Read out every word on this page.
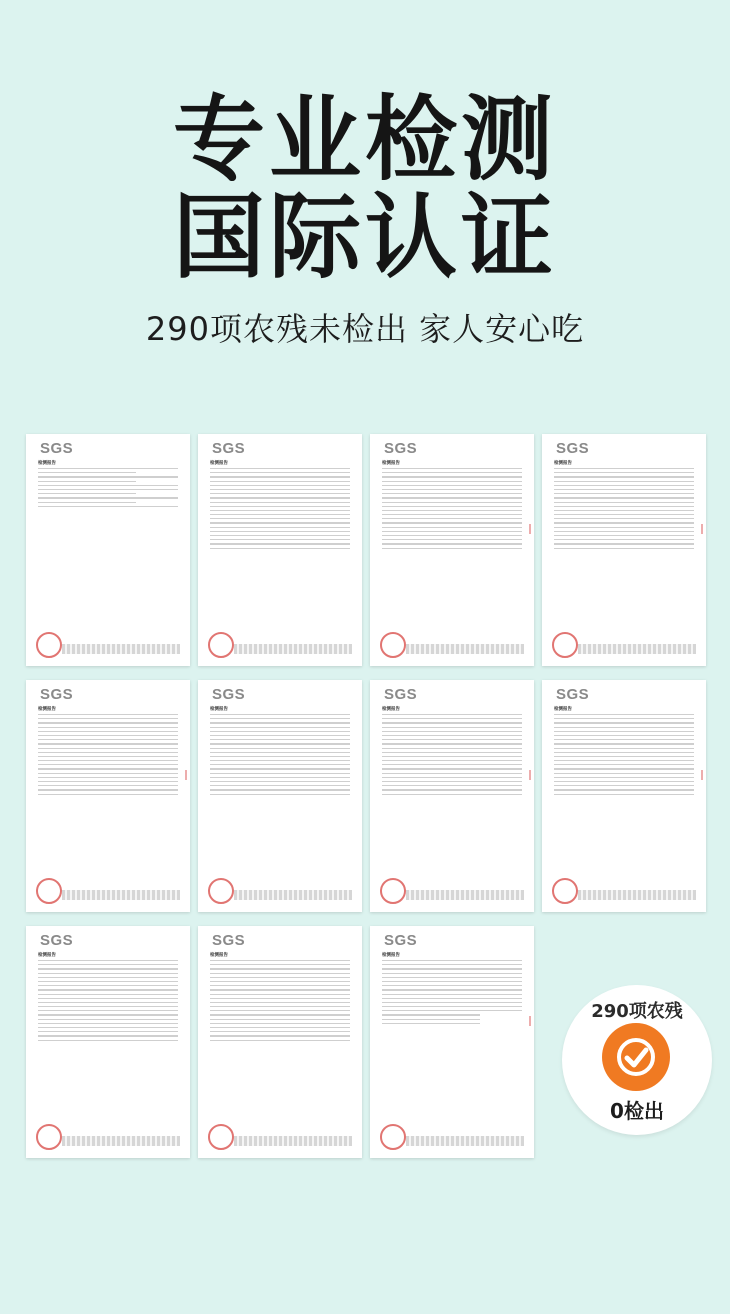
专业检测
国际认证
290项农残未检出 家人安心吃
SGS
检测报告
SGS
检测报告
SGS
检测报告
SGS
检测报告
SGS
检测报告
SGS
检测报告
SGS
检测报告
SGS
检测报告
SGS
检测报告
SGS
检测报告
SGS
检测报告
290项农残
0检出
